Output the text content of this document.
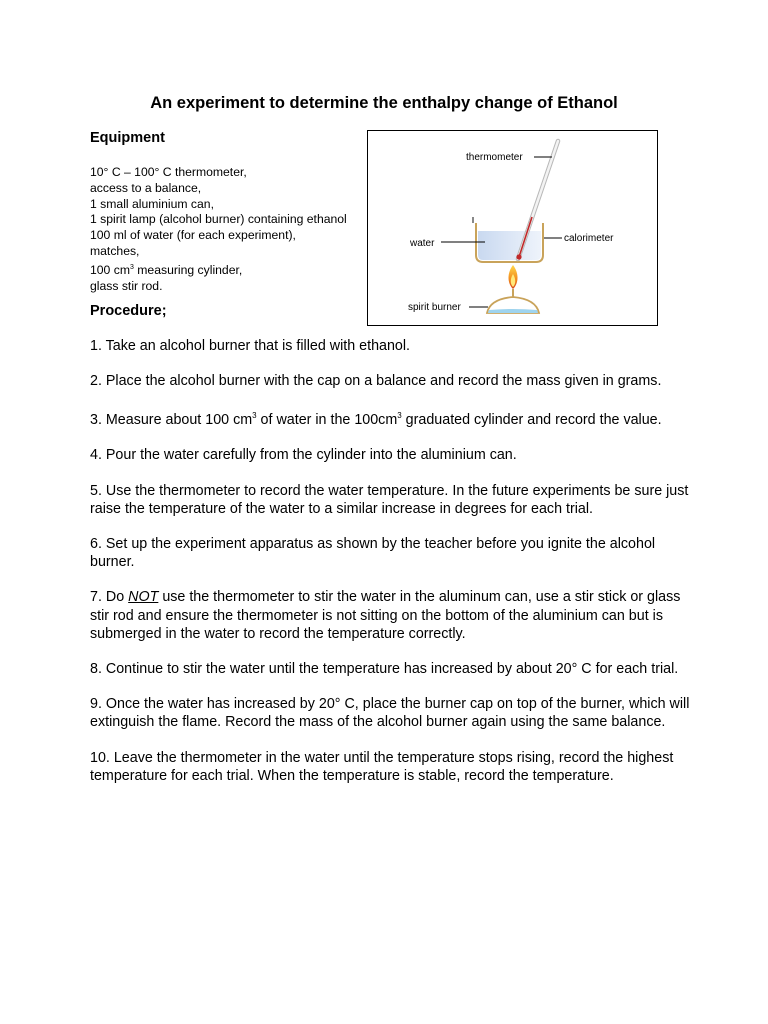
An experiment to determine the enthalpy change of Ethanol
Equipment
10° C – 100° C thermometer,
access to a balance,
1 small aluminium can,
1 spirit lamp (alcohol burner) containing ethanol
100 ml of water (for each experiment),
matches,
100 $cm^3$ measuring cylinder,
glass stir rod.
thermometer
water	calorimeter
spirit burner
Procedure;
1. Take an alcohol burner that is filled with ethanol.
2. Place the alcohol burner with the cap on a balance and record the mass given in grams.
3. Measure about 100 $cm^3$ of water in the $100cm^3$ graduated cylinder and record the value.
4. Pour the water carefully from the cylinder into the aluminium can.
5. Use the thermometer to record the water temperature. In the future experiments be sure just raise the temperature of the water to a similar increase in degrees for each trial.
6. Set up the experiment apparatus as shown by the teacher before you ignite the alcohol burner.
7. Do NOT use the thermometer to stir the water in the aluminum can, use a stir stick or glass stir rod and ensure the thermometer is not sitting on the bottom of the aluminium can but is submerged in the water to record the temperature correctly.
8. Continue to stir the water until the temperature has increased by about 20° C for each trial.
9. Once the water has increased by 20° C, place the burner cap on top of the burner, which will extinguish the flame. Record the mass of the alcohol burner again using the same balance.
10. Leave the thermometer in the water until the temperature stops rising, record the highest temperature for each trial. When the temperature is stable, record the temperature.
